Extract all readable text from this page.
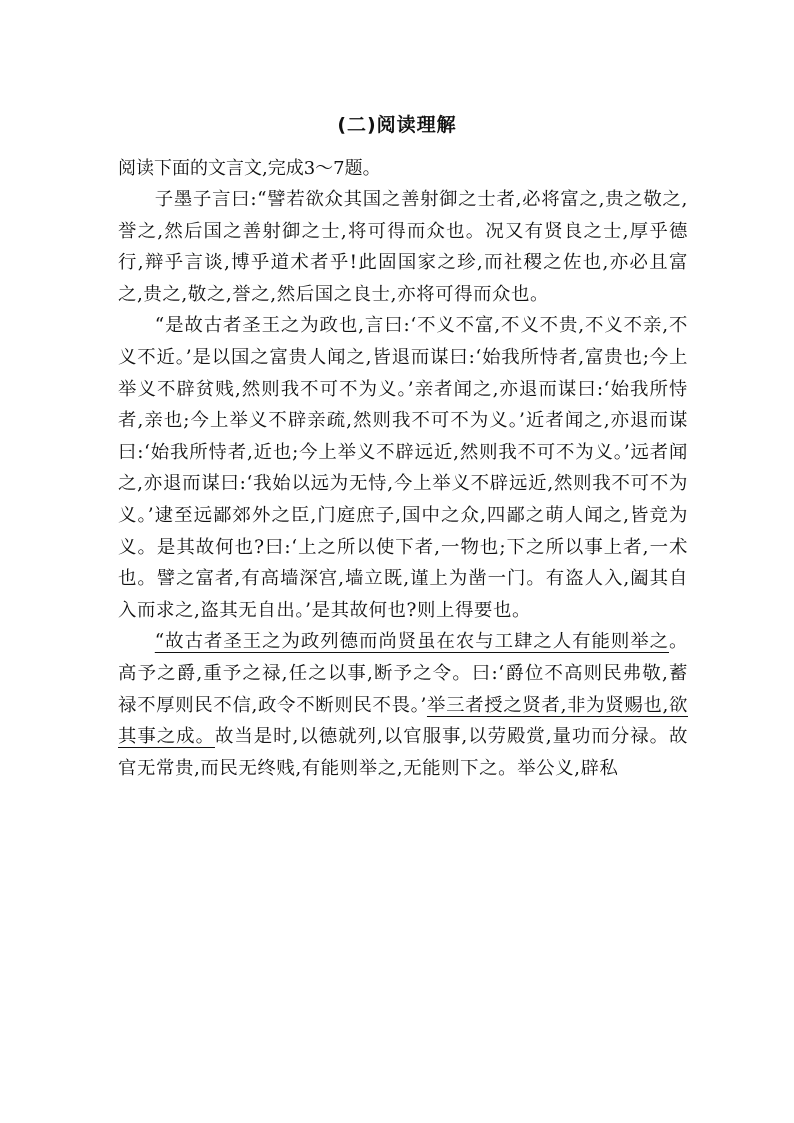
(二)阅读理解
阅读下面的文言文,完成3～7题。

子墨子言曰:“譬若欲众其国之善射御之士者,必将富之,贵之敬之,誉之,然后国之善射御之士,将可得而众也。况又有贤良之士,厚乎德行,辩乎言谈,博乎道术者乎!此固国家之珍,而社稷之佐也,亦必且富之,贵之,敬之,誉之,然后国之良士,亦将可得而众也。

“是故古者圣王之为政也,言曰:‘不义不富,不义不贵,不义不亲,不义不近。’是以国之富贵人闻之,皆退而谋曰:‘始我所恃者,富贵也;今上举义不辟贫贱,然则我不可不为义。’亲者闻之,亦退而谋曰:‘始我所恃者,亲也;今上举义不辟亲疏,然则我不可不为义。’近者闻之,亦退而谋曰:‘始我所恃者,近也;今上举义不辟远近,然则我不可不为义。’远者闻之,亦退而谋曰:‘我始以远为无恃,今上举义不辟远近,然则我不可不为义。’逮至远鄙郊外之臣,门庭庶子,国中之众,四鄙之萌人闻之,皆竞为义。是其故何也?曰:‘上之所以使下者,一物也;下之所以事上者,一术也。譬之富者,有高墙深宫,墙立既,谨上为凿一门。有盗人入,阖其自入而求之,盗其无自出。’是其故何也?则上得要也。

“故古者圣王之为政列德而尚贤虽在农与工肆之人有能则举之。高予之爵,重予之禄,任之以事,断予之令。曰:‘爵位不高则民弗敬,蓄禄不厚则民不信,政令不断则民不畏。’举三者授之贤者,非为贤赐也,欲其事之成。故当是时,以德就列,以官服事,以劳殿赏,量功而分禄。故官无常贵,而民无终贱,有能则举之,无能则下之。举公义,辟私
